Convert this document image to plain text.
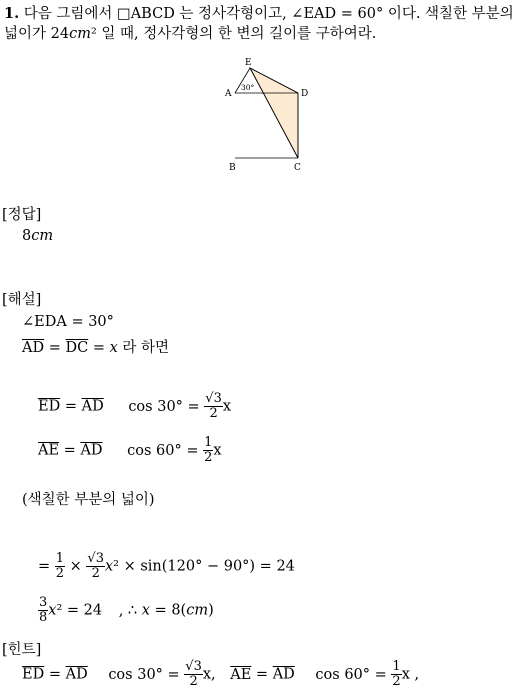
1. 다음 그림에서 □ABCD 는 정사각형이고, ∠EAD = 60° 이다. 색칠한 부분의
넓이가 24cm² 일 때, 정사각형의 한 변의 길이를 구하여라.
E
A	D
B	C
30°
[정답]
8cm
[해설]
∠EDA = 30°
$\overline{AD} = \overline{DC} = x$ 라 하면
$\overline{ED} = \overline{AD}$ $\cos 30^\circ = \frac{√3}{2}$ x
$\overline{AE} = \overline{AD}$ $\cos 60^\circ = \frac{1}{2}$ x
(색칠한 부분의 넓이)
= $\frac{1}{2} \times \frac{√3}{2} x^2 \times \sin(120^\circ - 90^\circ) = 24$
$\frac{3}{8} x^2 = 24$ , ∴ x = 8(cm)
[힌트]
$\overline{ED} = \overline{AD}$ $\cos 30^\circ = \frac{√3}{2} x$, $\overline{AE} = \overline{AD}$ $\cos 60^\circ = \frac{1}{2}$ x ,
